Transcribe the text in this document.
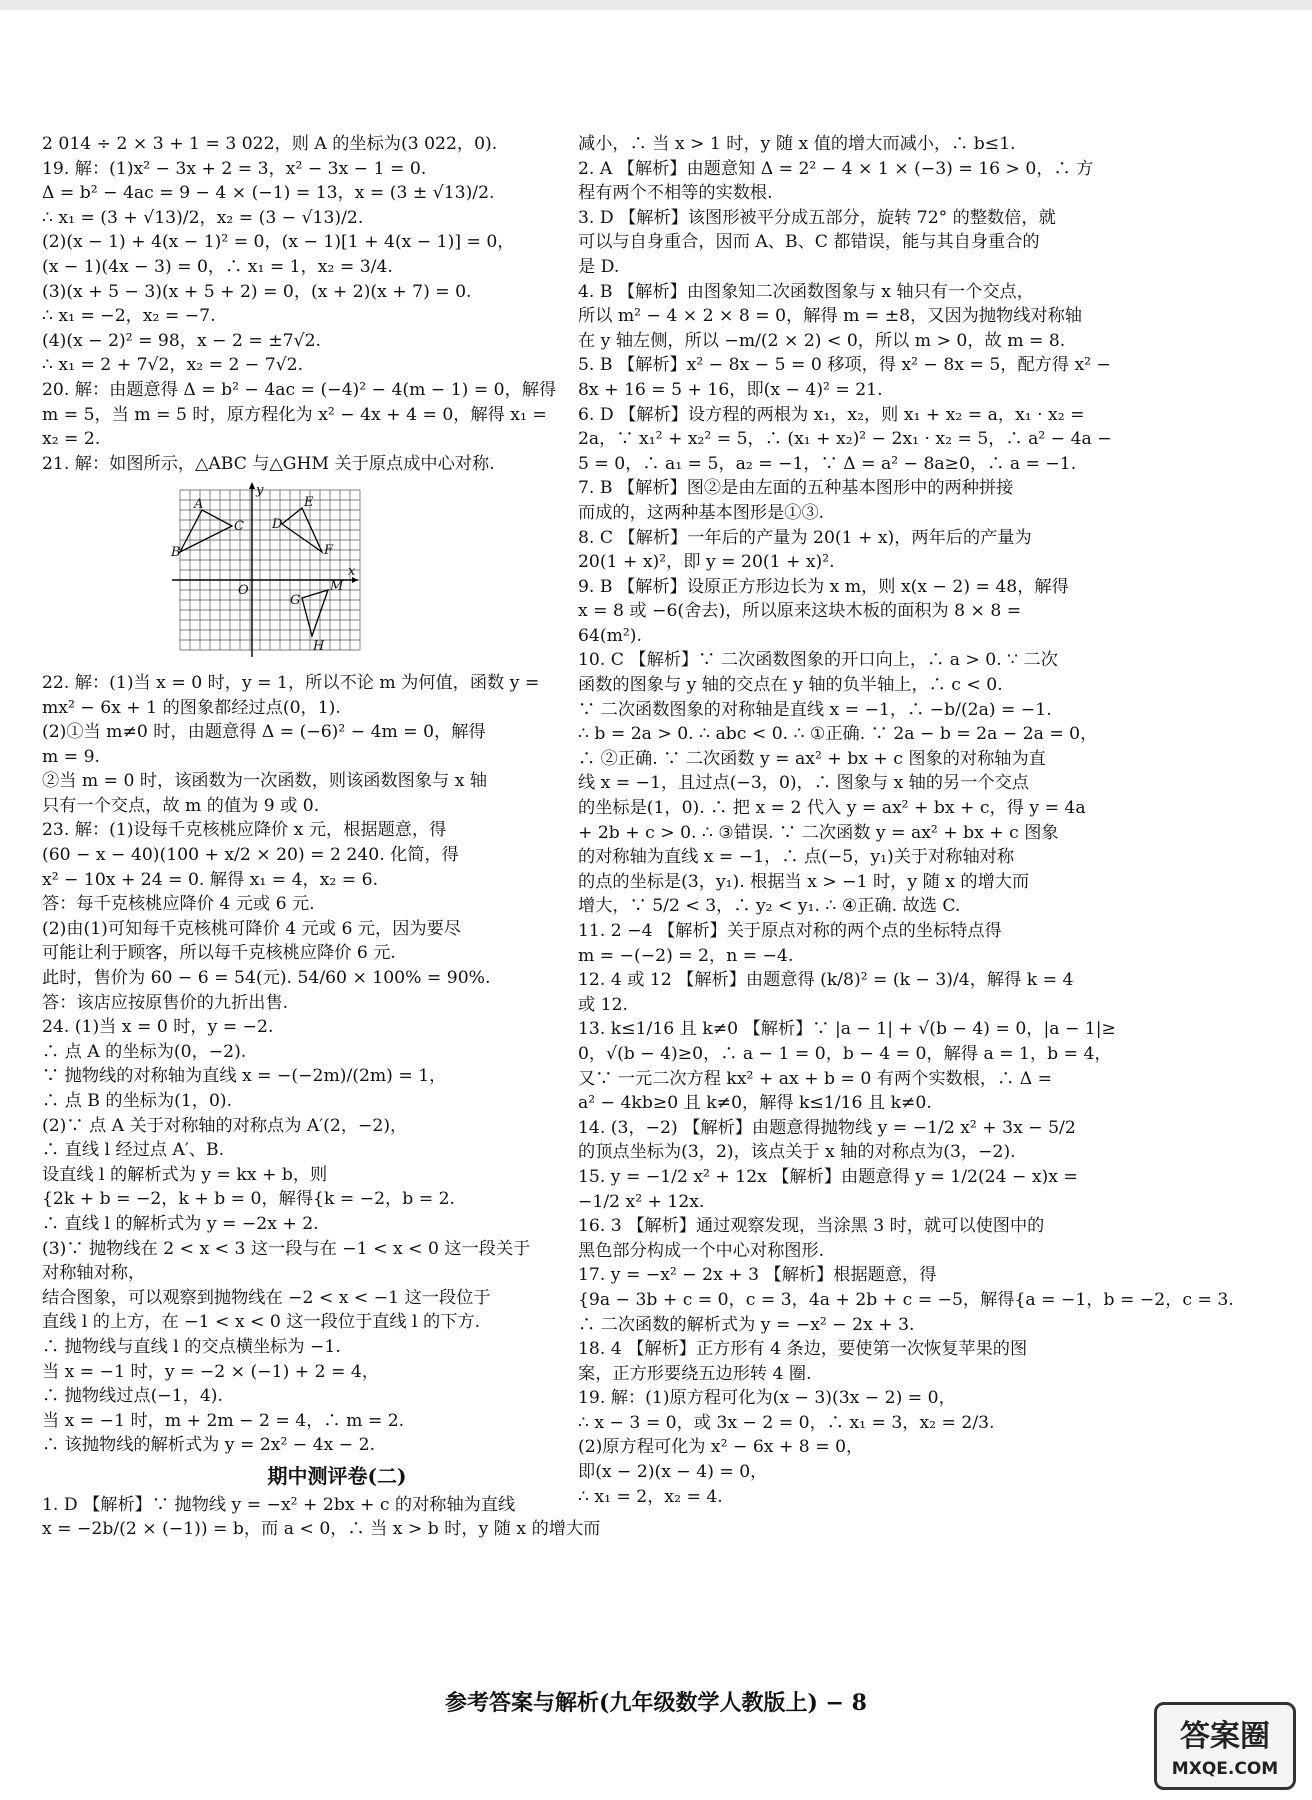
2 014 ÷ 2 × 3 + 1 = 3 022，则 A 的坐标为(3 022，0).
19. 解：(1)x² − 3x + 2 = 3，x² − 3x − 1 = 0.
Δ = b² − 4ac = 9 − 4 × (−1) = 13，x = (3 ± √13)/2.
∴ x₁ = (3 + √13)/2，x₂ = (3 − √13)/2.
(2)(x − 1) + 4(x − 1)² = 0，(x − 1)[1 + 4(x − 1)] = 0，
(x − 1)(4x − 3) = 0，∴ x₁ = 1，x₂ = 3/4.
(3)(x + 5 − 3)(x + 5 + 2) = 0，(x + 2)(x + 7) = 0.
∴ x₁ = −2，x₂ = −7.
(4)(x − 2)² = 98，x − 2 = ±7√2.
∴ x₁ = 2 + 7√2，x₂ = 2 − 7√2.
20. 解：由题意得 Δ = b² − 4ac = (−4)² − 4(m − 1) = 0，解得
m = 5，当 m = 5 时，原方程化为 x² − 4x + 4 = 0，解得 x₁ =
x₂ = 2.
21. 解：如图所示，△ABC 与△GHM 关于原点成中心对称.
y
x
O
A
B
C D
E
F
G
H
M
22. 解：(1)当 x = 0 时，y = 1，所以不论 m 为何值，函数 y =
mx² − 6x + 1 的图象都经过点(0，1).
(2)①当 m≠0 时，由题意得 Δ = (−6)² − 4m = 0，解得
m = 9.
②当 m = 0 时，该函数为一次函数，则该函数图象与 x 轴
只有一个交点，故 m 的值为 9 或 0.
23. 解：(1)设每千克核桃应降价 x 元，根据题意，得
(60 − x − 40)(100 + x/2 × 20) = 2 240. 化简，得
x² − 10x + 24 = 0. 解得 x₁ = 4，x₂ = 6.
答：每千克核桃应降价 4 元或 6 元.
(2)由(1)可知每千克核桃可降价 4 元或 6 元，因为要尽
可能让利于顾客，所以每千克核桃应降价 6 元.
此时，售价为 60 − 6 = 54(元). 54/60 × 100% = 90%.
答：该店应按原售价的九折出售.
24. (1)当 x = 0 时，y = −2.
∴ 点 A 的坐标为(0，−2).
∵ 抛物线的对称轴为直线 x = −(−2m)/(2m) = 1，
∴ 点 B 的坐标为(1，0).
(2)∵ 点 A 关于对称轴的对称点为 A′(2，−2)，
∴ 直线 l 经过点 A′、B.
设直线 l 的解析式为 y = kx + b，则
{2k + b = −2，k + b = 0，解得{k = −2，b = 2.
∴ 直线 l 的解析式为 y = −2x + 2.
(3)∵ 抛物线在 2 < x < 3 这一段与在 −1 < x < 0 这一段关于
对称轴对称，
结合图象，可以观察到抛物线在 −2 < x < −1 这一段位于
直线 l 的上方，在 −1 < x < 0 这一段位于直线 l 的下方.
∴ 抛物线与直线 l 的交点横坐标为 −1.
当 x = −1 时，y = −2 × (−1) + 2 = 4，
∴ 抛物线过点(−1，4).
当 x = −1 时，m + 2m − 2 = 4，∴ m = 2.
∴ 该抛物线的解析式为 y = 2x² − 4x − 2.
期中测评卷(二)
1. D 【解析】∵ 抛物线 y = −x² + 2bx + c 的对称轴为直线
x = −2b/(2 × (−1)) = b，而 a < 0，∴ 当 x > b 时，y 随 x 的增大而
减小，∴ 当 x > 1 时，y 随 x 值的增大而减小，∴ b≤1.
2. A 【解析】由题意知 Δ = 2² − 4 × 1 × (−3) = 16 > 0，∴ 方
程有两个不相等的实数根.
3. D 【解析】该图形被平分成五部分，旋转 72° 的整数倍，就
可以与自身重合，因而 A、B、C 都错误，能与其自身重合的
是 D.
4. B 【解析】由图象知二次函数图象与 x 轴只有一个交点，
所以 m² − 4 × 2 × 8 = 0，解得 m = ±8，又因为抛物线对称轴
在 y 轴左侧，所以 −m/(2 × 2) < 0，所以 m > 0，故 m = 8.
5. B 【解析】x² − 8x − 5 = 0 移项，得 x² − 8x = 5，配方得 x² −
8x + 16 = 5 + 16，即(x − 4)² = 21.
6. D 【解析】设方程的两根为 x₁，x₂，则 x₁ + x₂ = a，x₁ · x₂ =
2a，∵ x₁² + x₂² = 5，∴ (x₁ + x₂)² − 2x₁ · x₂ = 5，∴ a² − 4a −
5 = 0，∴ a₁ = 5，a₂ = −1，∵ Δ = a² − 8a≥0，∴ a = −1.
7. B 【解析】图②是由左面的五种基本图形中的两种拼接
而成的，这两种基本图形是①③.
8. C 【解析】一年后的产量为 20(1 + x)，两年后的产量为
20(1 + x)²，即 y = 20(1 + x)².
9. B 【解析】设原正方形边长为 x m，则 x(x − 2) = 48，解得
x = 8 或 −6(舍去)，所以原来这块木板的面积为 8 × 8 =
64(m²).
10. C 【解析】∵ 二次函数图象的开口向上，∴ a > 0. ∵ 二次
函数的图象与 y 轴的交点在 y 轴的负半轴上，∴ c < 0.
∵ 二次函数图象的对称轴是直线 x = −1，∴ −b/(2a) = −1.
∴ b = 2a > 0. ∴ abc < 0. ∴ ①正确. ∵ 2a − b = 2a − 2a = 0，
∴ ②正确. ∵ 二次函数 y = ax² + bx + c 图象的对称轴为直
线 x = −1，且过点(−3，0)，∴ 图象与 x 轴的另一个交点
的坐标是(1，0). ∴ 把 x = 2 代入 y = ax² + bx + c，得 y = 4a
+ 2b + c > 0. ∴ ③错误. ∵ 二次函数 y = ax² + bx + c 图象
的对称轴为直线 x = −1，∴ 点(−5，y₁)关于对称轴对称
的点的坐标是(3，y₁). 根据当 x > −1 时，y 随 x 的增大而
增大，∵ 5/2 < 3，∴ y₂ < y₁. ∴ ④正确. 故选 C.
11. 2 −4 【解析】关于原点对称的两个点的坐标特点得
m = −(−2) = 2，n = −4.
12. 4 或 12 【解析】由题意得 (k/8)² = (k − 3)/4，解得 k = 4
或 12.
13. k≤1/16 且 k≠0 【解析】∵ |a − 1| + √(b − 4) = 0，|a − 1|≥
0，√(b − 4)≥0，∴ a − 1 = 0，b − 4 = 0，解得 a = 1，b = 4，
又∵ 一元二次方程 kx² + ax + b = 0 有两个实数根，∴ Δ =
a² − 4kb≥0 且 k≠0，解得 k≤1/16 且 k≠0.
14. (3，−2) 【解析】由题意得抛物线 y = −1/2 x² + 3x − 5/2
的顶点坐标为(3，2)，该点关于 x 轴的对称点为(3，−2).
15. y = −1/2 x² + 12x 【解析】由题意得 y = 1/2(24 − x)x =
−1/2 x² + 12x.
16. 3 【解析】通过观察发现，当涂黑 3 时，就可以使图中的
黑色部分构成一个中心对称图形.
17. y = −x² − 2x + 3 【解析】根据题意，得
{9a − 3b + c = 0，c = 3，4a + 2b + c = −5，解得{a = −1，b = −2，c = 3.
∴ 二次函数的解析式为 y = −x² − 2x + 3.
18. 4 【解析】正方形有 4 条边，要使第一次恢复苹果的图
案，正方形要绕五边形转 4 圈.
19. 解：(1)原方程可化为(x − 3)(3x − 2) = 0，
∴ x − 3 = 0，或 3x − 2 = 0，∴ x₁ = 3，x₂ = 2/3.
(2)原方程可化为 x² − 6x + 8 = 0，
即(x − 2)(x − 4) = 0，
∴ x₁ = 2，x₂ = 4.
参考答案与解析(九年级数学人教版上) − 8
答案圈
MXQE.COM
